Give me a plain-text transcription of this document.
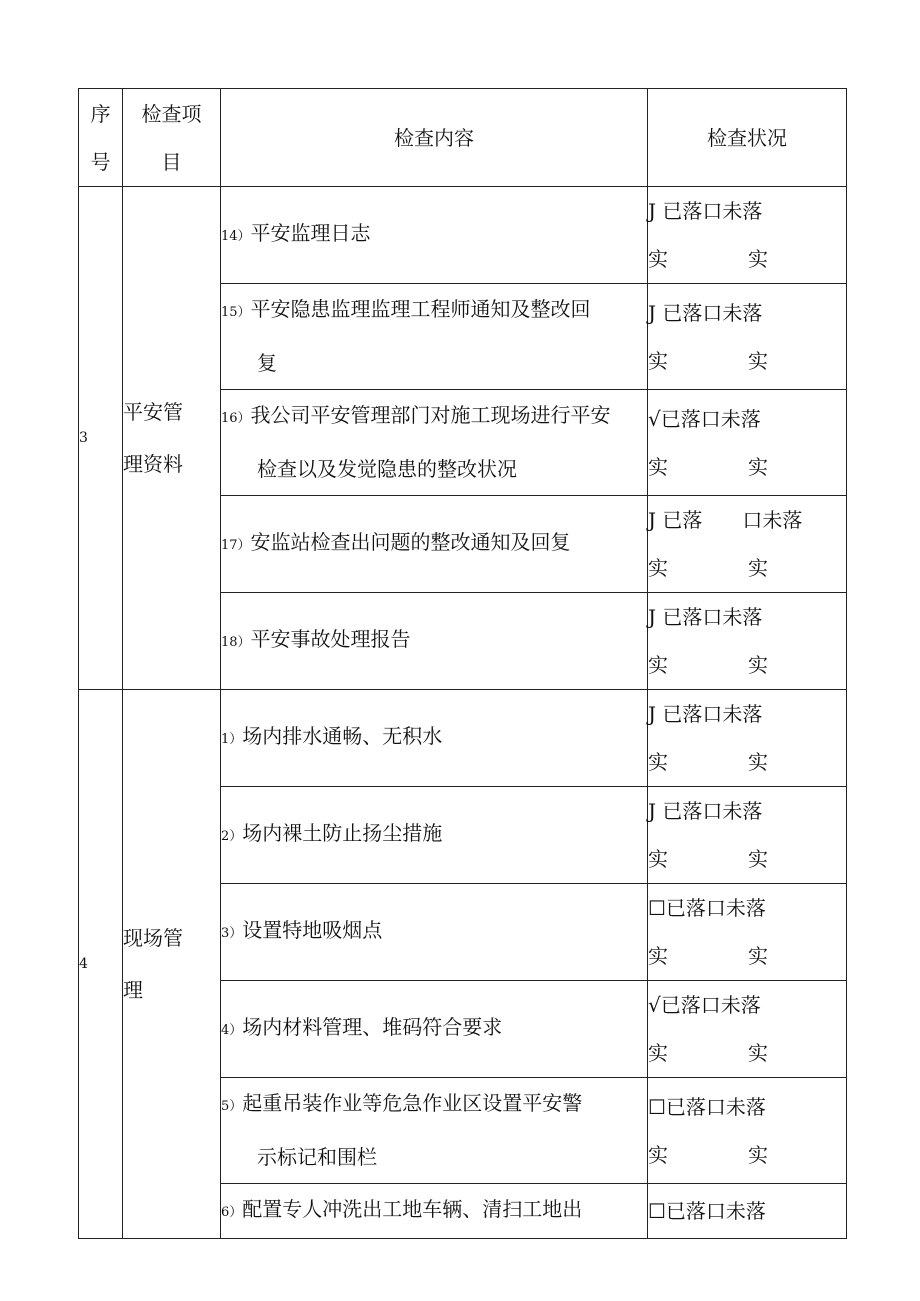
序
号	检查项
目	检查内容	检查状况
3	平安管
理资料	14）平安监理日志	J 已落口未落
实 实

		15）平安隐患监理监理工程师通知及整改回
复	J 已落口未落
实 实

		16）我公司平安管理部门对施工现场进行平安
检查以及发觉隐患的整改状况	√已落口未落
实 实

		17）安监站检查出问题的整改通知及回复	J 已落　　口未落
实 实

		18）平安事故处理报告	J 已落口未落
实 实

4	现场管
理	1）场内排水通畅、无积水	J 已落口未落
实 实

		2）场内裸土防止扬尘措施	J 已落口未落
实 实

		3）设置特地吸烟点	☐已落口未落
实 实

		4）场内材料管理、堆码符合要求	√已落口未落
实 实

		5）起重吊装作业等危急作业区设置平安警
示标记和围栏	☐已落口未落
实 实

		6）配置专人冲洗出工地车辆、清扫工地出	☐已落口未落
